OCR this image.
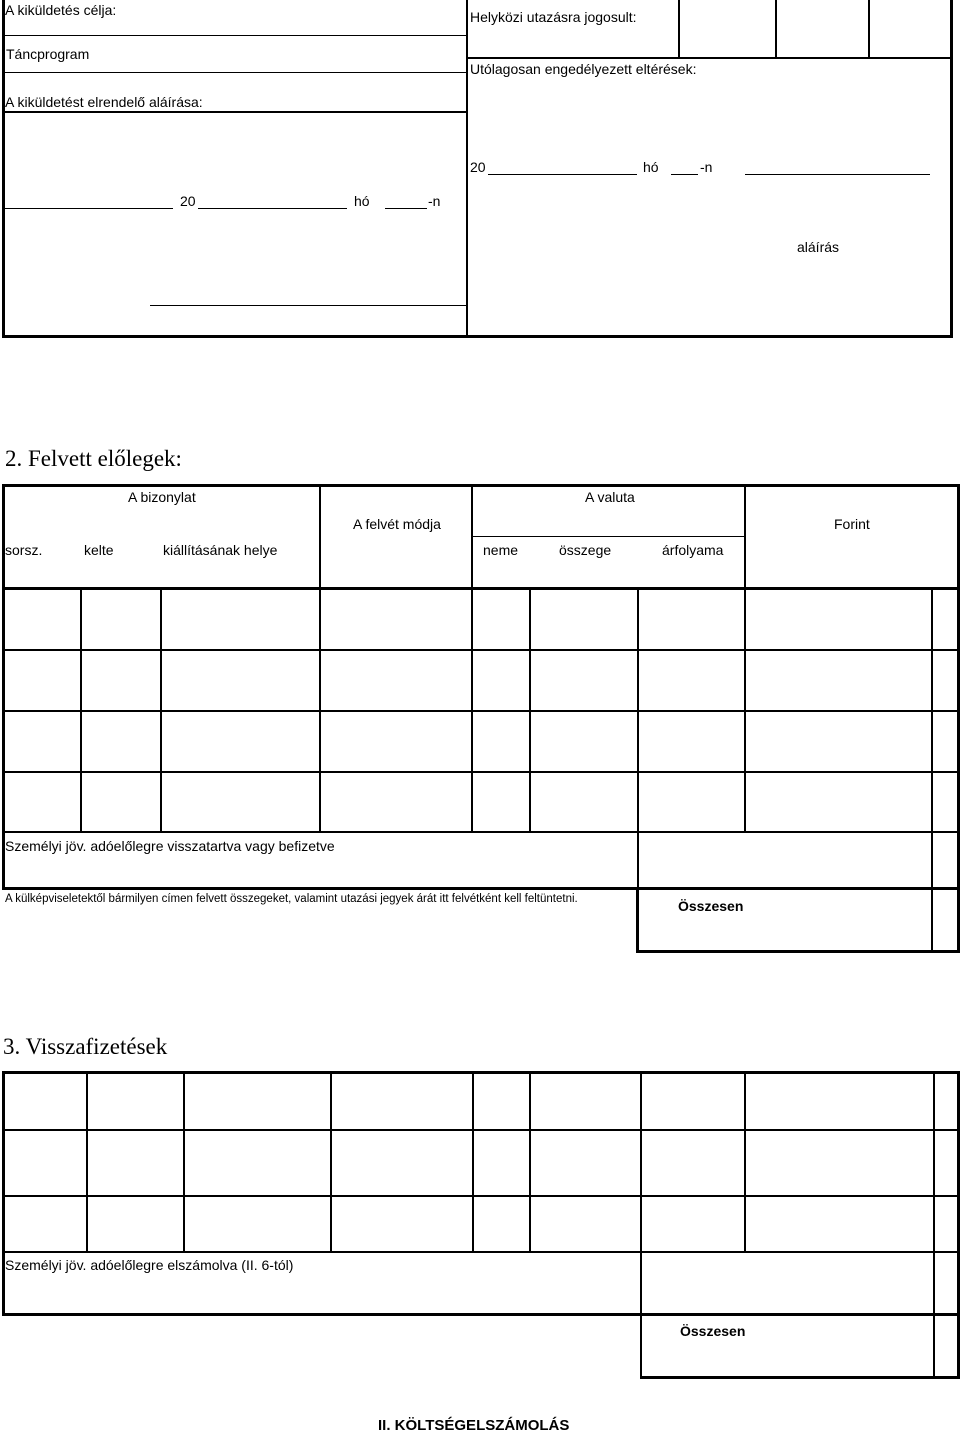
A kiküldetés célja:
Táncprogram
A kiküldetést elrendelő aláírása:
Helyközi utazásra jogosult:
Utólagosan engedélyezett eltérések:
20	hó	-n
20	hó	-n
aláírás
2. Felvett előlegek:
A bizonylat
A felvét módja
A valuta
Forint
sorsz.	kelte	kiállításának helye	neme	összege	árfolyama
Személyi jöv. adóelőlegre visszatartva vagy befizetve
A külképviseletektől bármilyen címen felvett összegeket, valamint utazási jegyek árát itt felvétként kell feltüntetni.	Összesen
3. Visszafizetések
Személyi jöv. adóelőlegre elszámolva (II. 6-tól)
Összesen
II. KÖLTSÉGELSZÁMOLÁS
